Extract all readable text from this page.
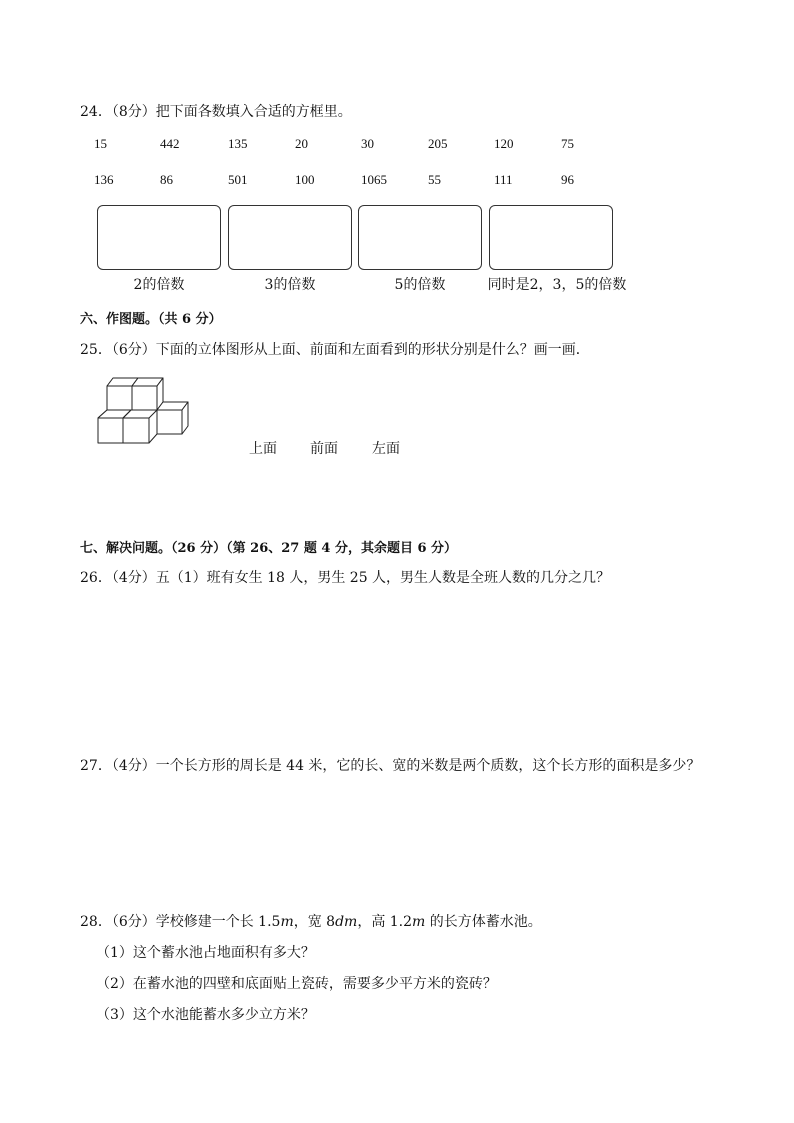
24．（8分）把下面各数填入合适的方框里。
15	442	135	20	30	205	120	75
136	86	501	100	1065	55	111	96
2的倍数	3的倍数	5的倍数	同时是2，3，5的倍数
六、作图题。（共 6 分）
25．（6分）下面的立体图形从上面、前面和左面看到的形状分别是什么？画一画．
上面 前面 左面
七、解决问题。（26 分）（第 26、27 题 4 分，其余题目 6 分）
26．（4分）五（1）班有女生 18 人，男生 25 人，男生人数是全班人数的几分之几？
27．（4分）一个长方形的周长是 44 米，它的长、宽的米数是两个质数，这个长方形的面积是多少？
28．（6分）学校修建一个长 1.5m，宽 8dm，高 1.2m 的长方体蓄水池。
（1）这个蓄水池占地面积有多大？
（2）在蓄水池的四壁和底面贴上瓷砖，需要多少平方米的瓷砖？
（3）这个水池能蓄水多少立方米？
